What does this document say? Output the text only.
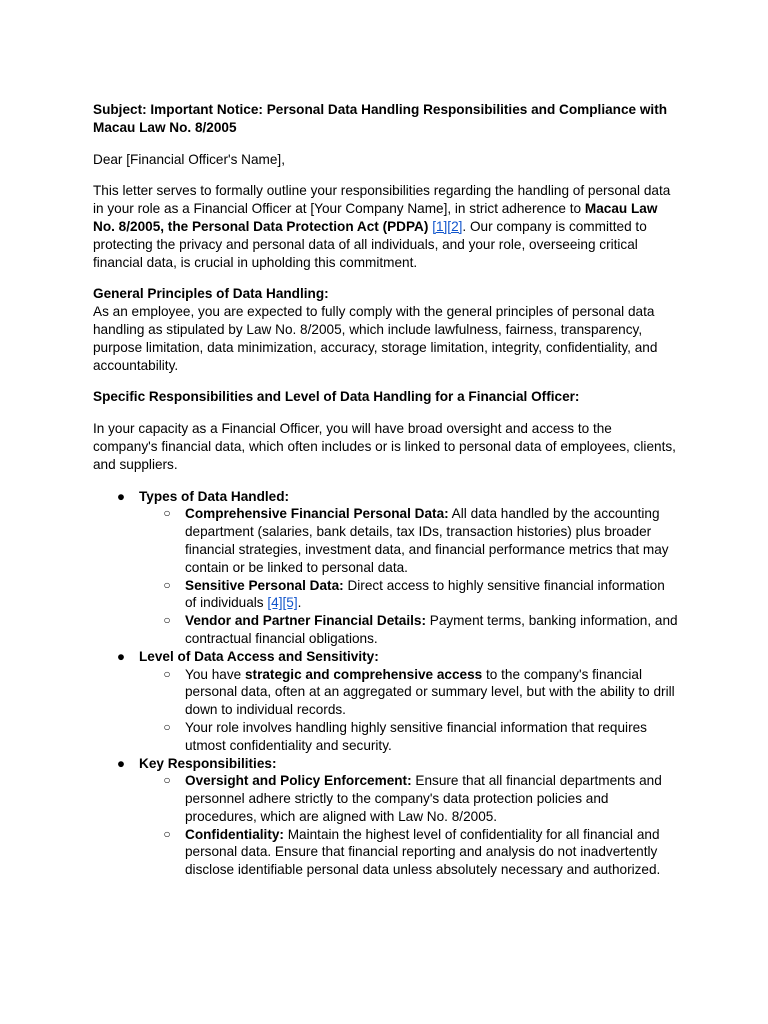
Subject: Important Notice: Personal Data Handling Responsibilities and Compliance with Macau Law No. 8/2005

Dear [Financial Officer's Name],

This letter serves to formally outline your responsibilities regarding the handling of personal data in your role as a Financial Officer at [Your Company Name], in strict adherence to Macau Law No. 8/2005, the Personal Data Protection Act (PDPA) [1][2]. Our company is committed to protecting the privacy and personal data of all individuals, and your role, overseeing critical financial data, is crucial in upholding this commitment.

General Principles of Data Handling:
As an employee, you are expected to fully comply with the general principles of personal data handling as stipulated by Law No. 8/2005, which include lawfulness, fairness, transparency, purpose limitation, data minimization, accuracy, storage limitation, integrity, confidentiality, and accountability.

Specific Responsibilities and Level of Data Handling for a Financial Officer:

In your capacity as a Financial Officer, you will have broad oversight and access to the company's financial data, which often includes or is linked to personal data of employees, clients, and suppliers.

● Types of Data Handled:
○ Comprehensive Financial Personal Data: All data handled by the accounting department (salaries, bank details, tax IDs, transaction histories) plus broader financial strategies, investment data, and financial performance metrics that may contain or be linked to personal data.
○ Sensitive Personal Data: Direct access to highly sensitive financial information of individuals [4][5].
○ Vendor and Partner Financial Details: Payment terms, banking information, and contractual financial obligations.
● Level of Data Access and Sensitivity:
○ You have strategic and comprehensive access to the company's financial personal data, often at an aggregated or summary level, but with the ability to drill down to individual records.
○ Your role involves handling highly sensitive financial information that requires utmost confidentiality and security.
● Key Responsibilities:
○ Oversight and Policy Enforcement: Ensure that all financial departments and personnel adhere strictly to the company's data protection policies and procedures, which are aligned with Law No. 8/2005.
○ Confidentiality: Maintain the highest level of confidentiality for all financial and personal data. Ensure that financial reporting and analysis do not inadvertently disclose identifiable personal data unless absolutely necessary and authorized.
